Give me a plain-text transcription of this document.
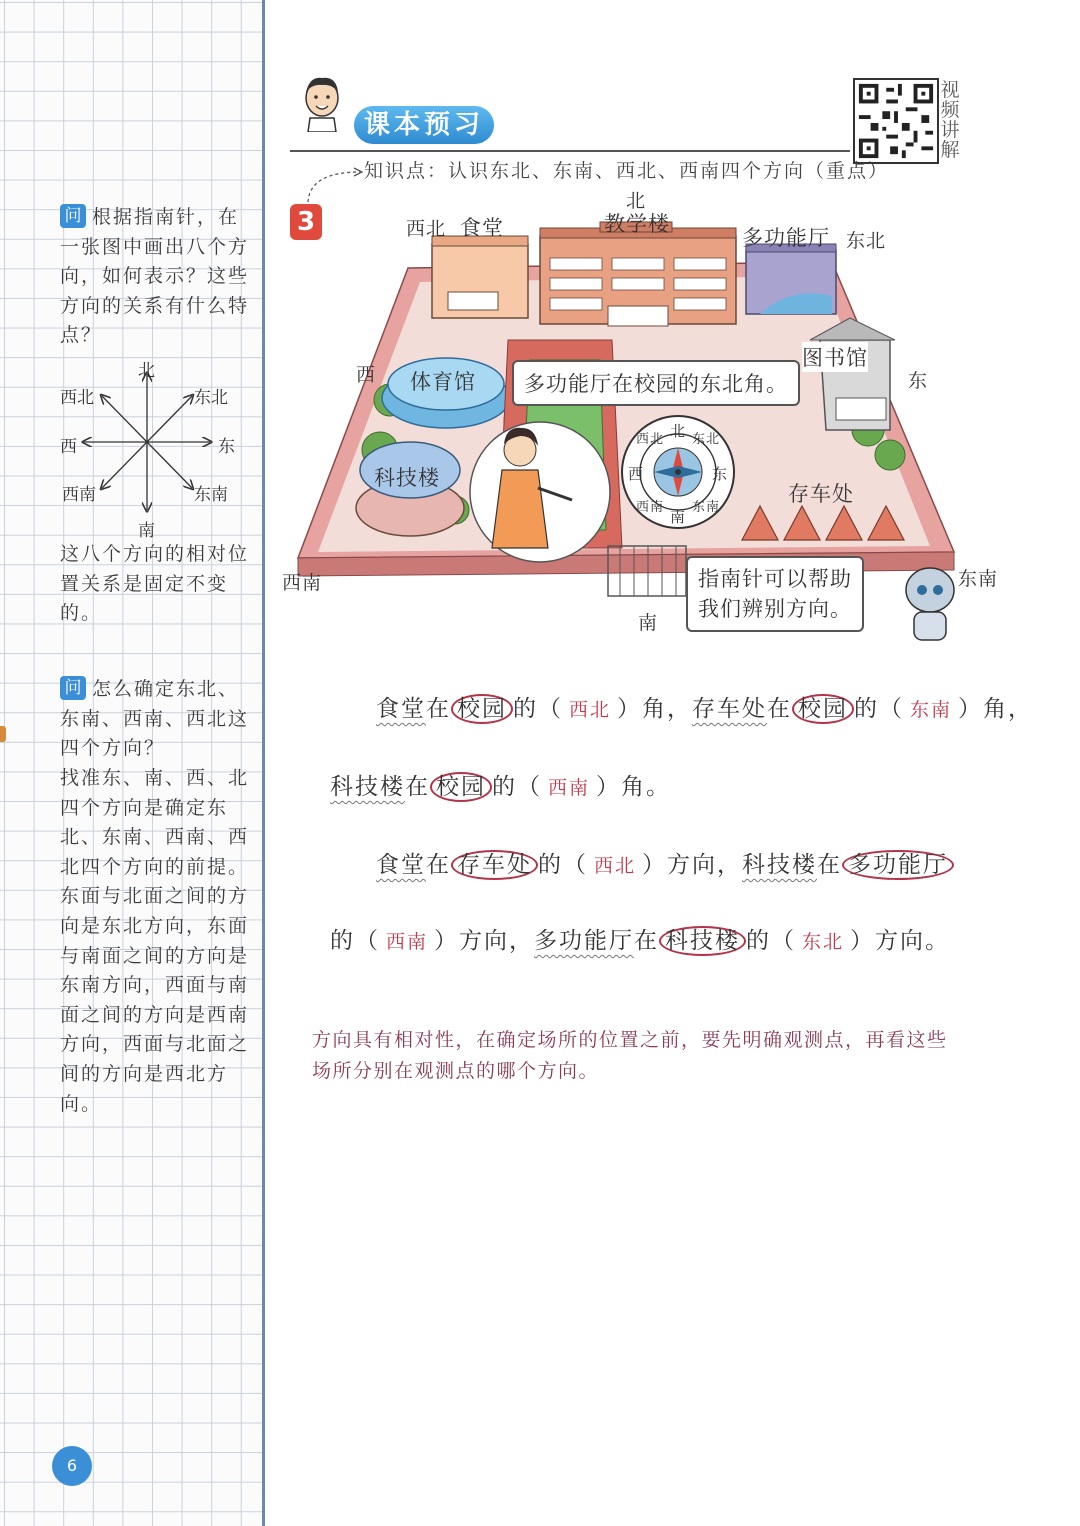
问 根据指南针，在一张图中画出八个方向，如何表示？这些方向的关系有什么特点？
北
南
东
西
西北	东北
西南	东南
这八个方向的相对位置关系是固定不变的。
问 怎么确定东北、东南、西南、西北这四个方向？
找准东、南、西、北四个方向是确定东北、东南、西南、西北四个方向的前提。东面与北面之间的方向是东北方向，东面与南面之间的方向是东南方向，西面与南面之间的方向是西南方向，西面与北面之间的方向是西北方向。
6
课本预习
视频讲解
知识点：认识东北、东南、西北、西南四个方向（重点）
3	西北 食堂
北
教学楼
多功能厅 东北
图书馆
西	东
体育馆
科技楼
存车处
西南	东南
南
北
南
东
西
东北
西北
东南
西南
多功能厅在校园的东北角。
指南针可以帮助
我们辨别方向。
食堂在 校园 的（ 西北 ）角，存车处在 校园 的（ 东南 ）角，
科技楼在 校园 的（ 西南 ）角。
食堂在 存车处 的（ 西北 ）方向，科技楼在 多功能厅
的（ 西南 ）方向，多功能厅在 科技楼 的（ 东北 ）方向。
方向具有相对性，在确定场所的位置之前，要先明确观测点，再看这些场所分别在观测点的哪个方向。
